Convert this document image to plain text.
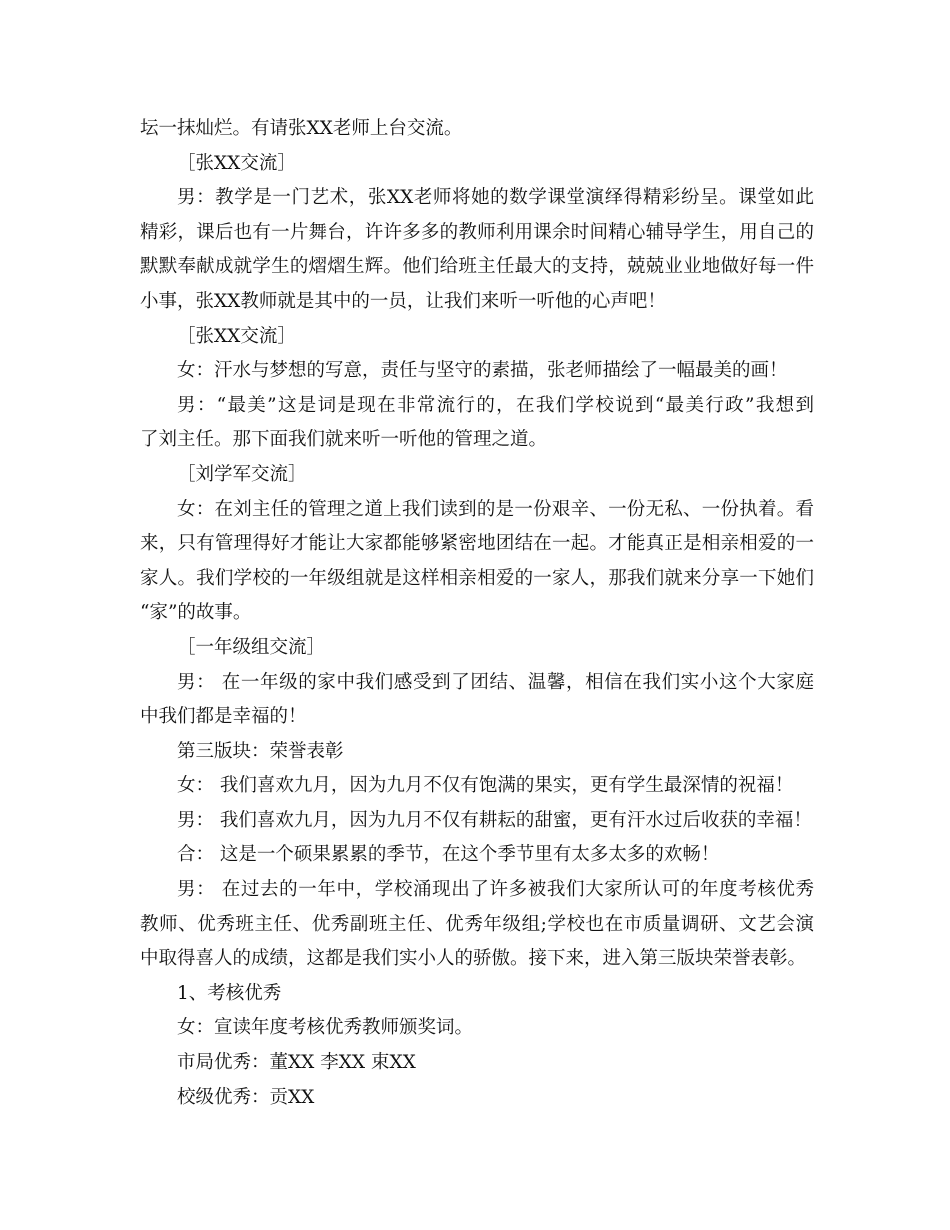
坛一抹灿烂。有请张XX老师上台交流。
［张XX交流］
男：教学是一门艺术，张XX老师将她的数学课堂演绎得精彩纷呈。课堂如此
精彩，课后也有一片舞台，许许多多的教师利用课余时间精心辅导学生，用自己的
默默奉献成就学生的熠熠生辉。他们给班主任最大的支持，兢兢业业地做好每一件
小事，张XX教师就是其中的一员，让我们来听一听他的心声吧！
［张XX交流］
女：汗水与梦想的写意，责任与坚守的素描，张老师描绘了一幅最美的画！
男：“最美”这是词是现在非常流行的，在我们学校说到“最美行政”我想到
了刘主任。那下面我们就来听一听他的管理之道。
［刘学军交流］
女：在刘主任的管理之道上我们读到的是一份艰辛、一份无私、一份执着。看
来，只有管理得好才能让大家都能够紧密地团结在一起。才能真正是相亲相爱的一
家人。我们学校的一年级组就是这样相亲相爱的一家人，那我们就来分享一下她们
“家”的故事。
［一年级组交流］
男： 在一年级的家中我们感受到了团结、温馨，相信在我们实小这个大家庭
中我们都是幸福的！
第三版块：荣誉表彰
女： 我们喜欢九月，因为九月不仅有饱满的果实，更有学生最深情的祝福！
男： 我们喜欢九月，因为九月不仅有耕耘的甜蜜，更有汗水过后收获的幸福！
合： 这是一个硕果累累的季节，在这个季节里有太多太多的欢畅！
男： 在过去的一年中，学校涌现出了许多被我们大家所认可的年度考核优秀
教师、优秀班主任、优秀副班主任、优秀年级组;学校也在市质量调研、文艺会演
中取得喜人的成绩，这都是我们实小人的骄傲。接下来，进入第三版块荣誉表彰。
1、考核优秀
女：宣读年度考核优秀教师颁奖词。
市局优秀：董XX 李XX 束XX
校级优秀：贡XX
